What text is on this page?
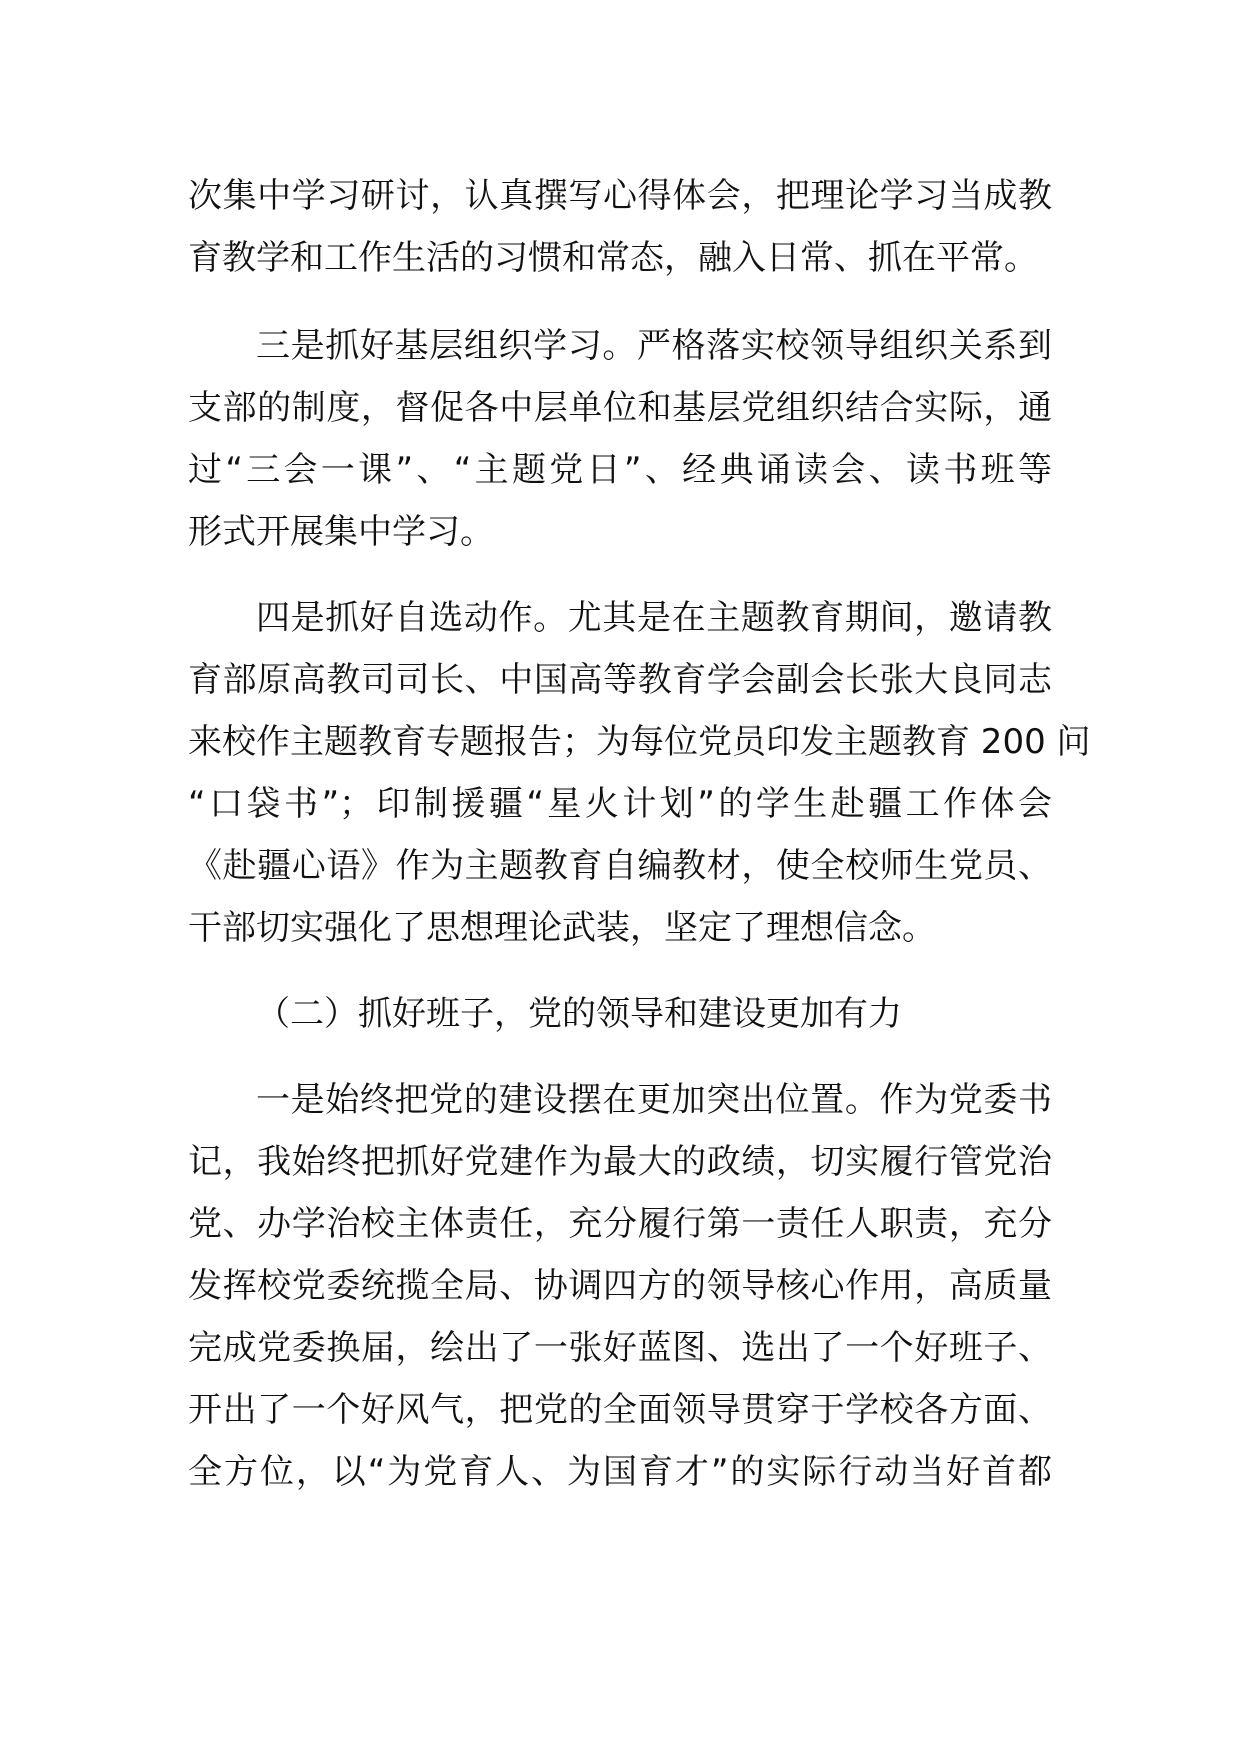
次集中学习研讨，认真撰写心得体会，把理论学习当成教
育教学和工作生活的习惯和常态，融入日常、抓在平常。
三是抓好基层组织学习。严格落实校领导组织关系到
支部的制度，督促各中层单位和基层党组织结合实际，通
过“三会一课”、“主题党日”、经典诵读会、读书班等
形式开展集中学习。
四是抓好自选动作。尤其是在主题教育期间，邀请教
育部原高教司司长、中国高等教育学会副会长张大良同志
来校作主题教育专题报告；为每位党员印发主题教育 200 问
“口袋书”；印制援疆“星火计划”的学生赴疆工作体会
《赴疆心语》作为主题教育自编教材，使全校师生党员、
干部切实强化了思想理论武装，坚定了理想信念。
（二）抓好班子，党的领导和建设更加有力
一是始终把党的建设摆在更加突出位置。作为党委书
记，我始终把抓好党建作为最大的政绩，切实履行管党治
党、办学治校主体责任，充分履行第一责任人职责，充分
发挥校党委统揽全局、协调四方的领导核心作用，高质量
完成党委换届，绘出了一张好蓝图、选出了一个好班子、
开出了一个好风气，把党的全面领导贯穿于学校各方面、
全方位，以“为党育人、为国育才”的实际行动当好首都
